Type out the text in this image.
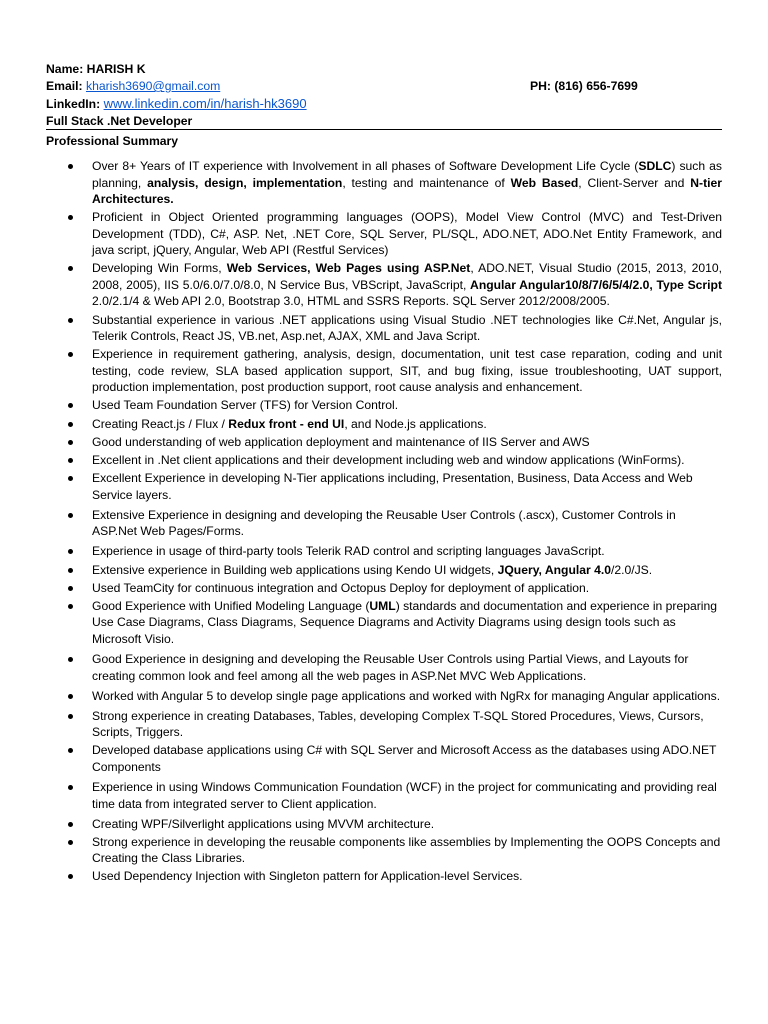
Name: HARISH K
Email: kharish3690@gmail.com	PH: (816) 656-7699
LinkedIn: www.linkedin.com/in/harish-hk3690
Full Stack .Net Developer
Professional Summary
Over 8+ Years of IT experience with Involvement in all phases of Software Development Life Cycle (SDLC) such as planning, analysis, design, implementation, testing and maintenance of Web Based, Client-Server and N-tier Architectures.
Proficient in Object Oriented programming languages (OOPS), Model View Control (MVC) and Test-Driven Development (TDD), C#, ASP. Net, .NET Core, SQL Server, PL/SQL, ADO.NET, ADO.Net Entity Framework, and java script, jQuery, Angular, Web API (Restful Services)
Developing Win Forms, Web Services, Web Pages using ASP.Net, ADO.NET, Visual Studio (2015, 2013, 2010, 2008, 2005), IIS 5.0/6.0/7.0/8.0, N Service Bus, VBScript, JavaScript, Angular Angular10/8/7/6/5/4/2.0, Type Script 2.0/2.1/4 & Web API 2.0, Bootstrap 3.0, HTML and SSRS Reports. SQL Server 2012/2008/2005.
Substantial experience in various .NET applications using Visual Studio .NET technologies like C#.Net, Angular js, Telerik Controls, React JS, VB.net, Asp.net, AJAX, XML and Java Script.
Experience in requirement gathering, analysis, design, documentation, unit test case reparation, coding and unit testing, code review, SLA based application support, SIT, and bug fixing, issue troubleshooting, UAT support, production implementation, post production support, root cause analysis and enhancement.
Used Team Foundation Server (TFS) for Version Control.
Creating React.js / Flux / Redux front - end UI, and Node.js applications.
Good understanding of web application deployment and maintenance of IIS Server and AWS
Excellent in .Net client applications and their development including web and window applications (WinForms).
Excellent Experience in developing N-Tier applications including, Presentation, Business, Data Access and Web Service layers.
Extensive Experience in designing and developing the Reusable User Controls (.ascx), Customer Controls in ASP.Net Web Pages/Forms.
Experience in usage of third-party tools Telerik RAD control and scripting languages JavaScript.
Extensive experience in Building web applications using Kendo UI widgets, JQuery, Angular 4.0/2.0/JS.
Used TeamCity for continuous integration and Octopus Deploy for deployment of application.
Good Experience with Unified Modeling Language (UML) standards and documentation and experience in preparing Use Case Diagrams, Class Diagrams, Sequence Diagrams and Activity Diagrams using design tools such as Microsoft Visio.
Good Experience in designing and developing the Reusable User Controls using Partial Views, and Layouts for creating common look and feel among all the web pages in ASP.Net MVC Web Applications.
Worked with Angular 5 to develop single page applications and worked with NgRx for managing Angular applications.
Strong experience in creating Databases, Tables, developing Complex T-SQL Stored Procedures, Views, Cursors, Scripts, Triggers.
Developed database applications using C# with SQL Server and Microsoft Access as the databases using ADO.NET Components
Experience in using Windows Communication Foundation (WCF) in the project for communicating and providing real time data from integrated server to Client application.
Creating WPF/Silverlight applications using MVVM architecture.
Strong experience in developing the reusable components like assemblies by Implementing the OOPS Concepts and Creating the Class Libraries.
Used Dependency Injection with Singleton pattern for Application-level Services.
